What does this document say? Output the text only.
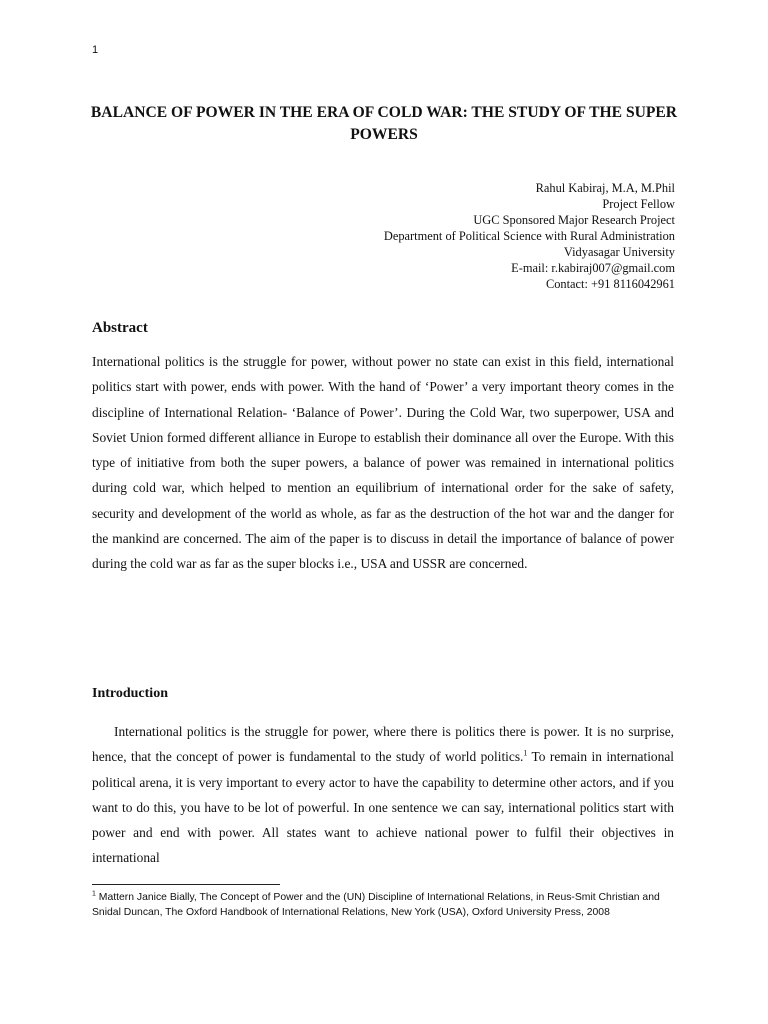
1
BALANCE OF POWER IN THE ERA OF COLD WAR: THE STUDY OF THE SUPER POWERS
Rahul Kabiraj, M.A, M.Phil
Project Fellow
UGC Sponsored Major Research Project
Department of Political Science with Rural Administration
Vidyasagar University
E-mail: r.kabiraj007@gmail.com
Contact: +91 8116042961
Abstract

International politics is the struggle for power, without power no state can exist in this field, international politics start with power, ends with power. With the hand of ‘Power’ a very important theory comes in the discipline of International Relation- ‘Balance of Power’. During the Cold War, two superpower, USA and Soviet Union formed different alliance in Europe to establish their dominance all over the Europe. With this type of initiative from both the super powers, a balance of power was remained in international politics during cold war, which helped to mention an equilibrium of international order for the sake of safety, security and development of the world as whole, as far as the destruction of the hot war and the danger for the mankind are concerned. The aim of the paper is to discuss in detail the importance of balance of power during the cold war as far as the super blocks i.e., USA and USSR are concerned.

Introduction

International politics is the struggle for power, where there is politics there is power. It is no surprise, hence, that the concept of power is fundamental to the study of world politics.$^1$ To remain in international political arena, it is very important to every actor to have the capability to determine other actors, and if you want to do this, you have to be lot of powerful. In one sentence we can say, international politics start with power and end with power. All states want to achieve national power to fulfil their objectives in international

$^1$ Mattern Janice Bially, The Concept of Power and the (UN) Discipline of International Relations, in Reus-Smit Christian and Snidal Duncan, The Oxford Handbook of International Relations, New York (USA), Oxford University Press, 2008
